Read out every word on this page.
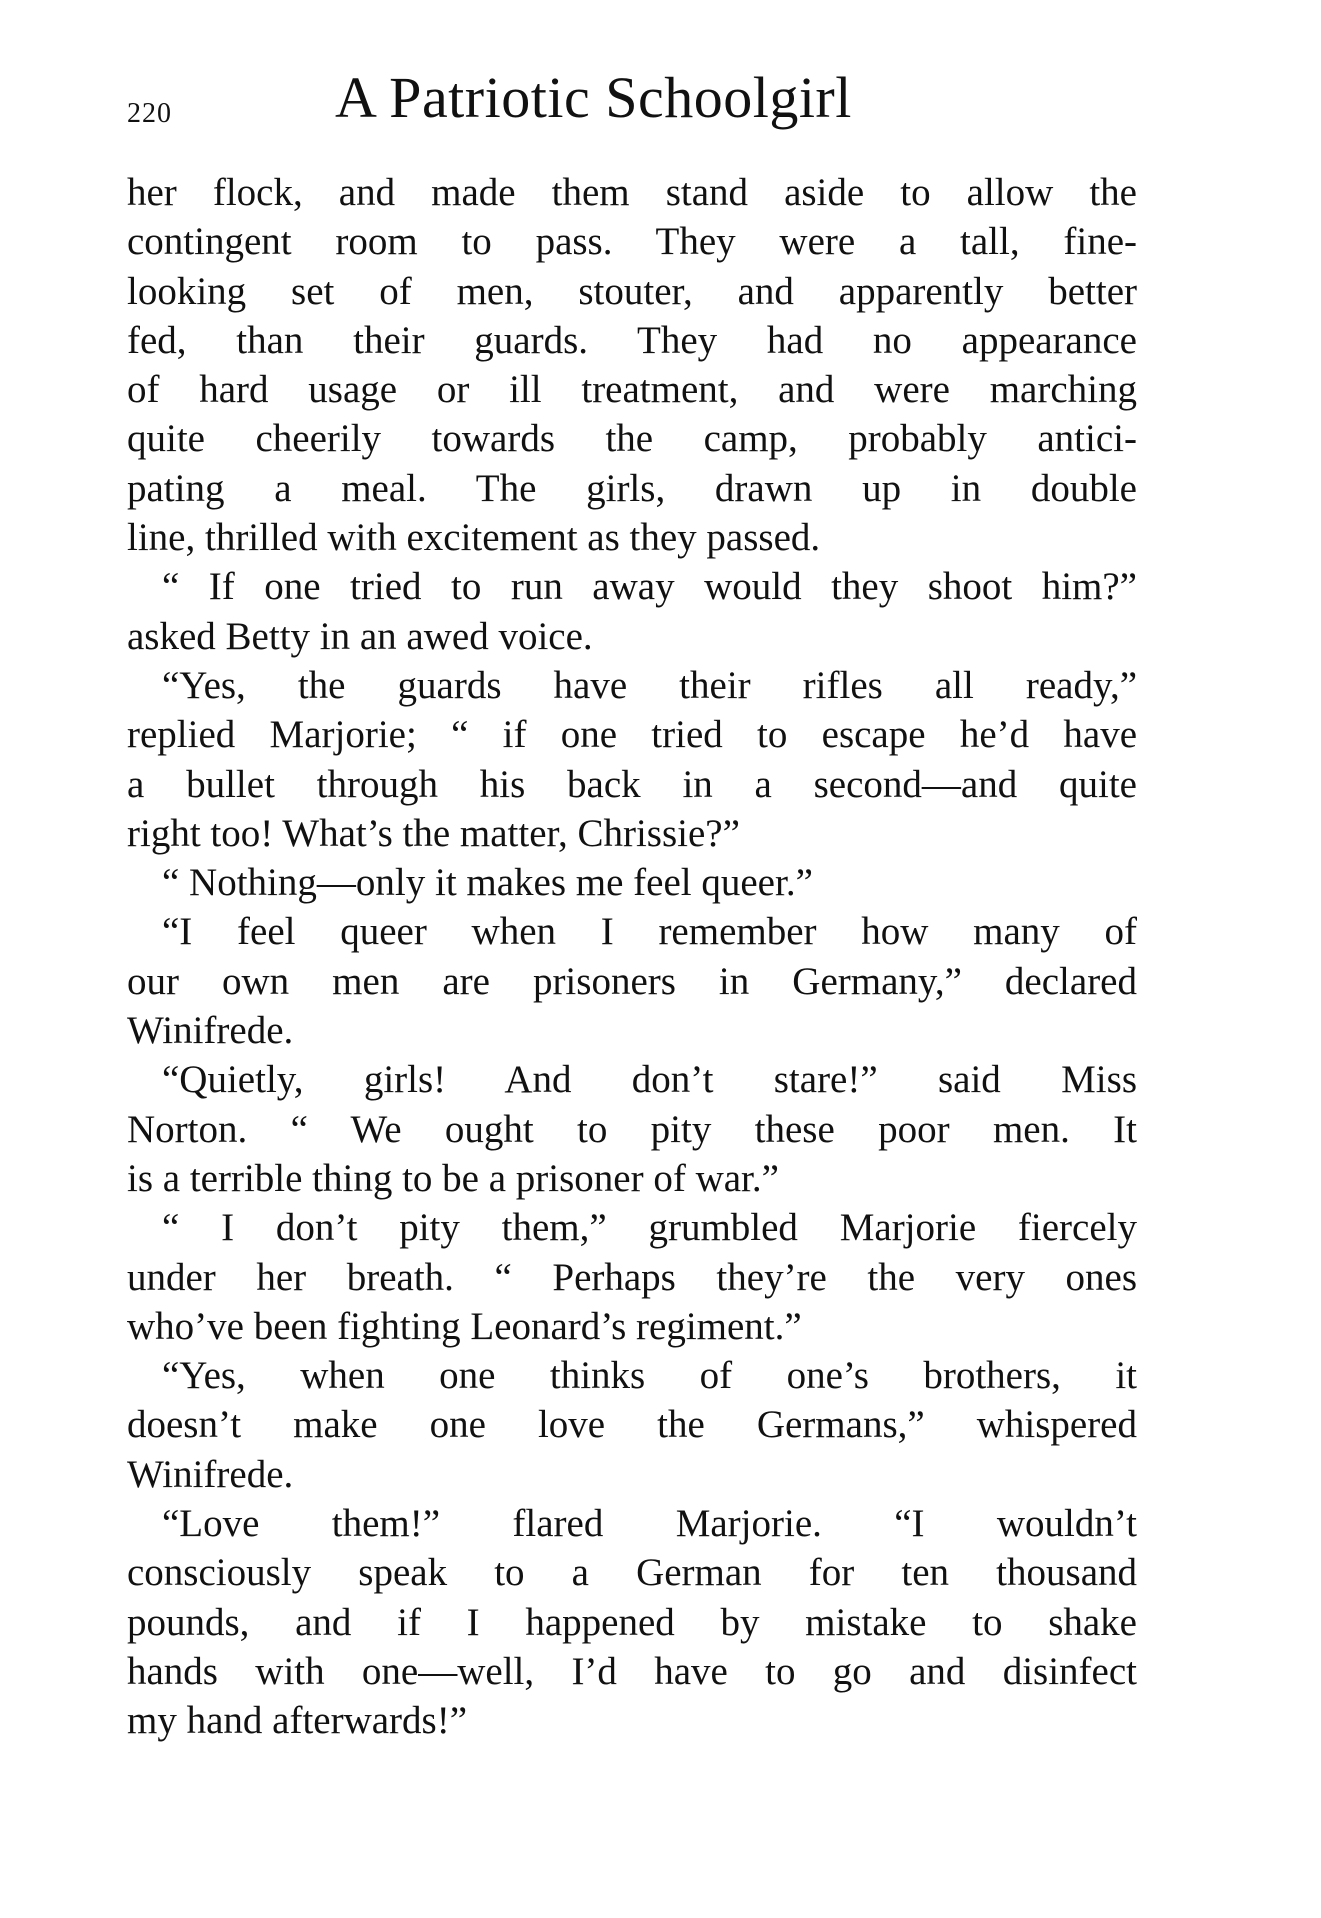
220	A Patriotic Schoolgirl
her flock, and made them stand aside to allow the
contingent room to pass. They were a tall, fine-
looking set of men, stouter, and apparently better
fed, than their guards. They had no appearance
of hard usage or ill treatment, and were marching
quite cheerily towards the camp, probably antici-
pating a meal. The girls, drawn up in double
line, thrilled with excitement as they passed.
“ If one tried to run away would they shoot him?”
asked Betty in an awed voice.
“Yes, the guards have their rifles all ready,”
replied Marjorie; “ if one tried to escape he’d have
a bullet through his back in a second—and quite
right too! What’s the matter, Chrissie?”
“ Nothing—only it makes me feel queer.”
“I feel queer when I remember how many of
our own men are prisoners in Germany,” declared
Winifrede.
“Quietly, girls! And don’t stare!” said Miss
Norton. “ We ought to pity these poor men. It
is a terrible thing to be a prisoner of war.”
“ I don’t pity them,” grumbled Marjorie fiercely
under her breath. “ Perhaps they’re the very ones
who’ve been fighting Leonard’s regiment.”
“Yes, when one thinks of one’s brothers, it
doesn’t make one love the Germans,” whispered
Winifrede.
“Love them!” flared Marjorie. “I wouldn’t
consciously speak to a German for ten thousand
pounds, and if I happened by mistake to shake
hands with one—well, I’d have to go and disinfect
my hand afterwards!”
